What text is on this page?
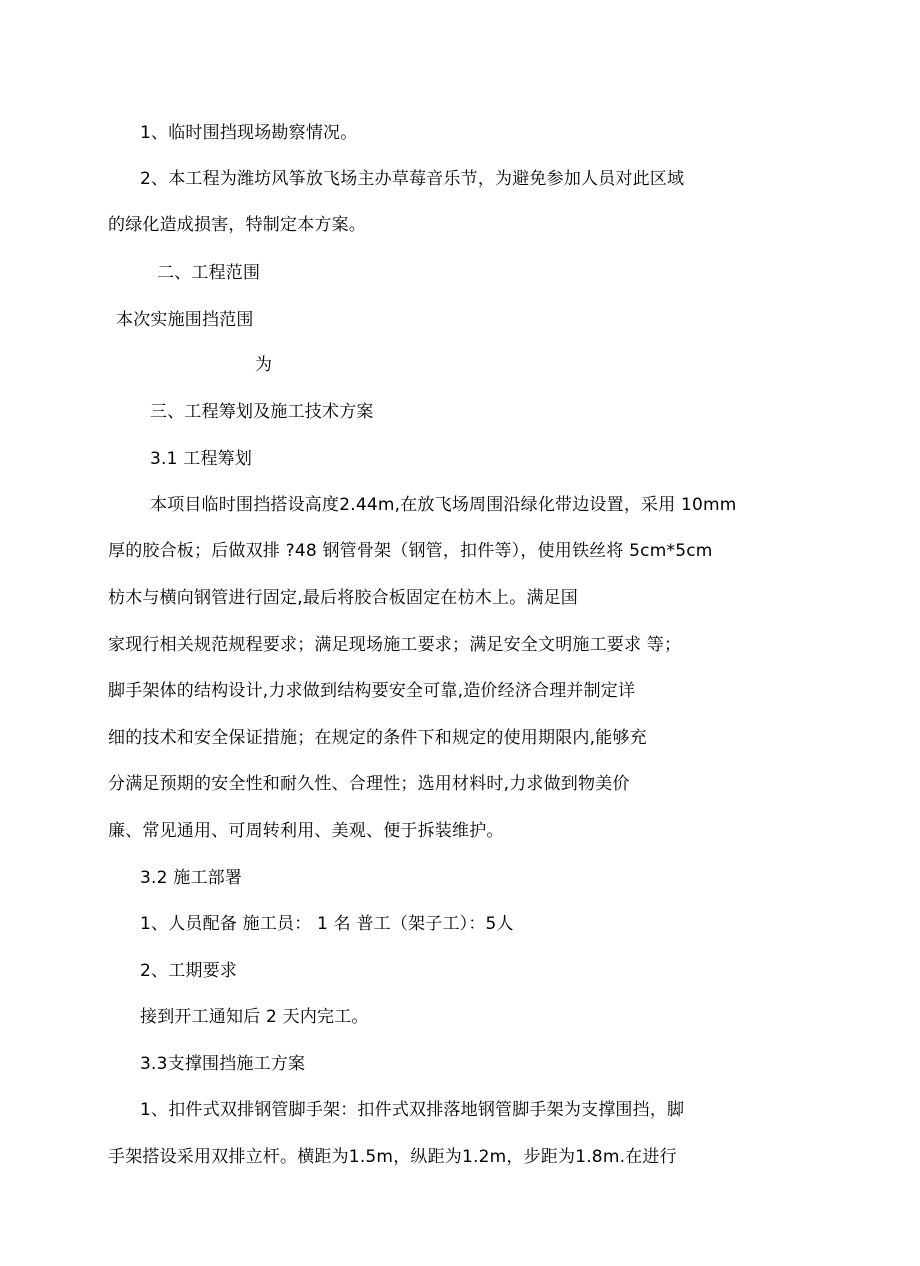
1、临时围挡现场勘察情况。

2、本工程为潍坊风筝放飞场主办草莓音乐节，为避免参加人员对此区域

的绿化造成损害，特制定本方案。

二、工程范围

本次实施围挡范围

为

三、工程筹划及施工技术方案

3.1 工程筹划

本项目临时围挡搭设高度2.44m,在放飞场周围沿绿化带边设置，采用 10mm

厚的胶合板；后做双排 ?48 钢管骨架（钢管，扣件等），使用铁丝将 5cm*5cm

枋木与横向钢管进行固定,最后将胶合板固定在枋木上。满足国

家现行相关规范规程要求；满足现场施工要求；满足安全文明施工要求 等；

脚手架体的结构设计,力求做到结构要安全可靠,造价经济合理并制定详

细的技术和安全保证措施；在规定的条件下和规定的使用期限内,能够充

分满足预期的安全性和耐久性、合理性；选用材料时,力求做到物美价

廉、常见通用、可周转利用、美观、便于拆装维护。

3.2 施工部署

1、人员配备 施工员： 1 名 普工（架子工）：5人

2、工期要求

接到开工通知后 2 天内完工。

3.3支撑围挡施工方案

1、扣件式双排钢管脚手架：扣件式双排落地钢管脚手架为支撑围挡，脚

手架搭设采用双排立杆。横距为1.5m，纵距为1.2m，步距为1.8m.在进行
